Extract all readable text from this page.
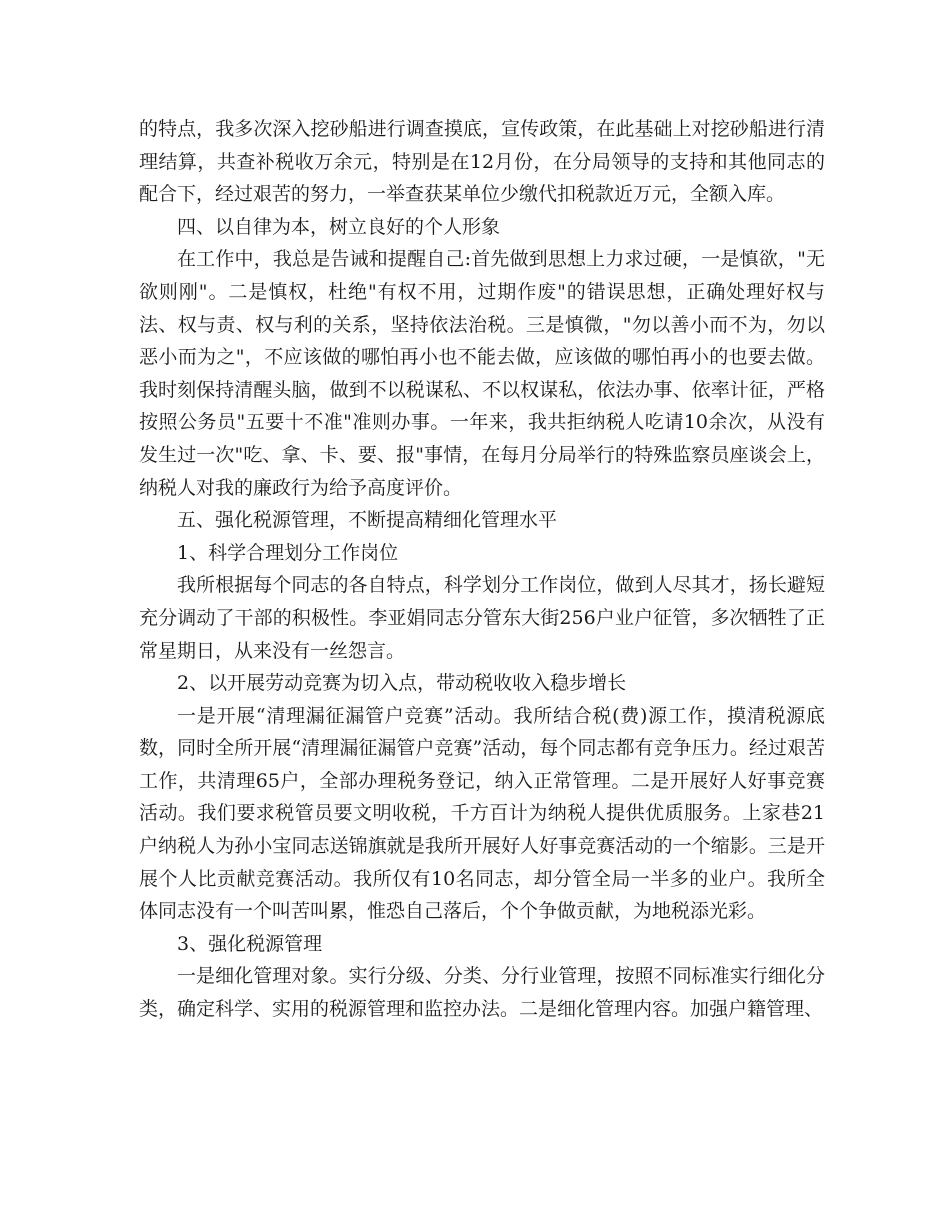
的特点，我多次深入挖砂船进行调查摸底，宣传政策，在此基础上对挖砂船进行清理结算，共查补税收万余元，特别是在12月份，在分局领导的支持和其他同志的配合下，经过艰苦的努力，一举查获某单位少缴代扣税款近万元，全额入库。

四、以自律为本，树立良好的个人形象

在工作中，我总是告诫和提醒自己:首先做到思想上力求过硬，一是慎欲，"无欲则刚"。二是慎权，杜绝"有权不用，过期作废"的错误思想，正确处理好权与法、权与责、权与利的关系，坚持依法治税。三是慎微，"勿以善小而不为，勿以恶小而为之"，不应该做的哪怕再小也不能去做，应该做的哪怕再小的也要去做。我时刻保持清醒头脑，做到不以税谋私、不以权谋私，依法办事、依率计征，严格按照公务员"五要十不准"准则办事。一年来，我共拒纳税人吃请10余次，从没有发生过一次"吃、拿、卡、要、报"事情，在每月分局举行的特殊监察员座谈会上，纳税人对我的廉政行为给予高度评价。

五、强化税源管理，不断提高精细化管理水平

1、科学合理划分工作岗位

我所根据每个同志的各自特点，科学划分工作岗位，做到人尽其才，扬长避短充分调动了干部的积极性。李亚娟同志分管东大街256户业户征管，多次牺牲了正常星期日，从来没有一丝怨言。

2、以开展劳动竞赛为切入点，带动税收收入稳步增长

一是开展“清理漏征漏管户竞赛”活动。我所结合税(费)源工作，摸清税源底数，同时全所开展“清理漏征漏管户竞赛”活动，每个同志都有竞争压力。经过艰苦工作，共清理65户，全部办理税务登记，纳入正常管理。二是开展好人好事竞赛活动。我们要求税管员要文明收税，千方百计为纳税人提供优质服务。上家巷21户纳税人为孙小宝同志送锦旗就是我所开展好人好事竞赛活动的一个缩影。三是开展个人比贡献竞赛活动。我所仅有10名同志，却分管全局一半多的业户。我所全体同志没有一个叫苦叫累，惟恐自己落后，个个争做贡献，为地税添光彩。

3、强化税源管理

一是细化管理对象。实行分级、分类、分行业管理，按照不同标准实行细化分类，确定科学、实用的税源管理和监控办法。二是细化管理内容。加强户籍管理、
